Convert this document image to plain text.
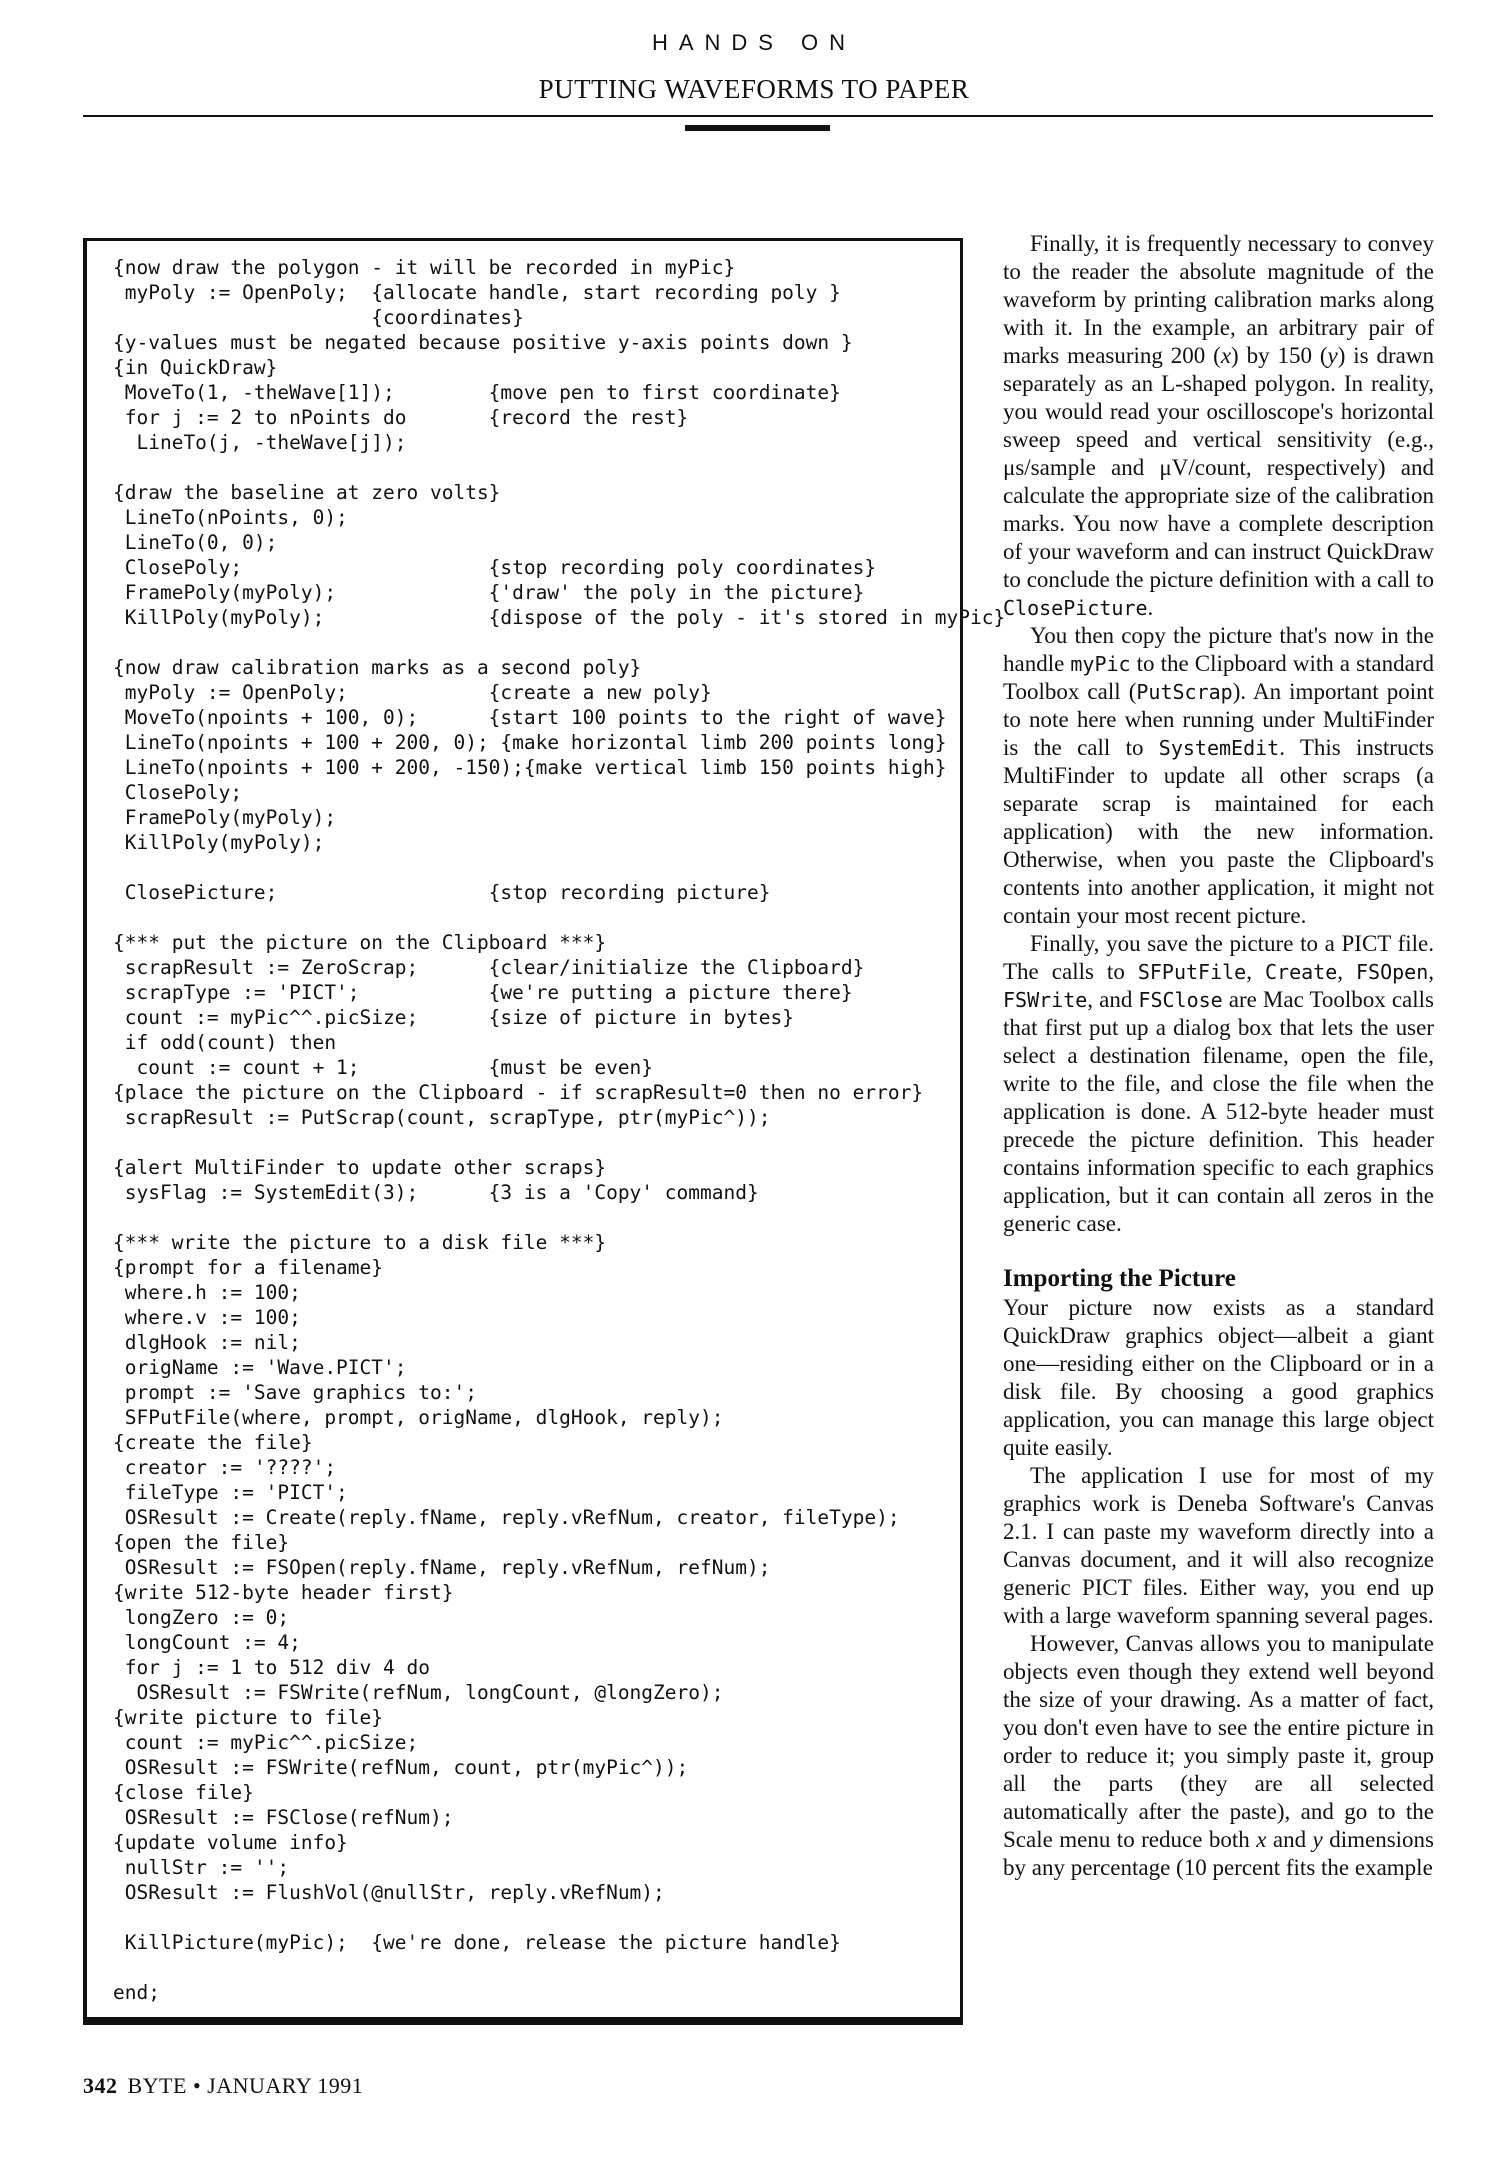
HANDS ON
PUTTING WAVEFORMS TO PAPER
{now draw the polygon - it will be recorded in myPic}
myPoly := OpenPoly;  {allocate handle, start recording poly }
{coordinates}
{y-values must be negated because positive y-axis points down }
{in QuickDraw}
MoveTo(1, -theWave[1]);        {move pen to first coordinate}
for j := 2 to nPoints do       {record the rest}
LineTo(j, -theWave[j]);

{draw the baseline at zero volts}
LineTo(nPoints, 0);
LineTo(0, 0);
ClosePoly;                     {stop recording poly coordinates}
FramePoly(myPoly);             {'draw' the poly in the picture}
KillPoly(myPoly);              {dispose of the poly - it's stored in myPic}

{now draw calibration marks as a second poly}
myPoly := OpenPoly;            {create a new poly}
MoveTo(npoints + 100, 0);      {start 100 points to the right of wave}
LineTo(npoints + 100 + 200, 0); {make horizontal limb 200 points long}
LineTo(npoints + 100 + 200, -150);{make vertical limb 150 points high}
ClosePoly;
FramePoly(myPoly);
KillPoly(myPoly);

ClosePicture;                  {stop recording picture}

{*** put the picture on the Clipboard ***}
scrapResult := ZeroScrap;      {clear/initialize the Clipboard}
scrapType := 'PICT';           {we're putting a picture there}
count := myPic^^.picSize;      {size of picture in bytes}
if odd(count) then
count := count + 1;           {must be even}
{place the picture on the Clipboard - if scrapResult=0 then no error}
scrapResult := PutScrap(count, scrapType, ptr(myPic^));

{alert MultiFinder to update other scraps}
sysFlag := SystemEdit(3);      {3 is a 'Copy' command}

{*** write the picture to a disk file ***}
{prompt for a filename}
where.h := 100;
where.v := 100;
dlgHook := nil;
origName := 'Wave.PICT';
prompt := 'Save graphics to:';
SFPutFile(where, prompt, origName, dlgHook, reply);
{create the file}
creator := '????';
fileType := 'PICT';
OSResult := Create(reply.fName, reply.vRefNum, creator, fileType);
{open the file}
OSResult := FSOpen(reply.fName, reply.vRefNum, refNum);
{write 512-byte header first}
longZero := 0;
longCount := 4;
for j := 1 to 512 div 4 do
OSResult := FSWrite(refNum, longCount, @longZero);
{write picture to file}
count := myPic^^.picSize;
OSResult := FSWrite(refNum, count, ptr(myPic^));
{close file}
OSResult := FSClose(refNum);
{update volume info}
nullStr := '';
OSResult := FlushVol(@nullStr, reply.vRefNum);

KillPicture(myPic);  {we're done, release the picture handle}

end;

Finally, it is frequently necessary to convey to the reader the absolute magnitude of the waveform by printing calibration marks along with it. In the example, an arbitrary pair of marks measuring 200 (x) by 150 (y) is drawn separately as an L-shaped polygon. In reality, you would read your oscilloscope's horizontal sweep speed and vertical sensitivity (e.g., μs/sample and μV/count, respectively) and calculate the appropriate size of the calibration marks. You now have a complete description of your waveform and can instruct QuickDraw to conclude the picture definition with a call to ClosePicture.

You then copy the picture that's now in the handle myPic to the Clipboard with a standard Toolbox call (PutScrap). An important point to note here when running under MultiFinder is the call to SystemEdit. This instructs MultiFinder to update all other scraps (a separate scrap is maintained for each application) with the new information. Otherwise, when you paste the Clipboard's contents into another application, it might not contain your most recent picture.

Finally, you save the picture to a PICT file. The calls to SFPutFile, Create, FSOpen, FSWrite, and FSClose are Mac Toolbox calls that first put up a dialog box that lets the user select a destination filename, open the file, write to the file, and close the file when the application is done. A 512-byte header must precede the picture definition. This header contains information specific to each graphics application, but it can contain all zeros in the generic case.

Importing the Picture

Your picture now exists as a standard QuickDraw graphics object—albeit a giant one—residing either on the Clipboard or in a disk file. By choosing a good graphics application, you can manage this large object quite easily.

The application I use for most of my graphics work is Deneba Software's Canvas 2.1. I can paste my waveform directly into a Canvas document, and it will also recognize generic PICT files. Either way, you end up with a large waveform spanning several pages.

However, Canvas allows you to manipulate objects even though they extend well beyond the size of your drawing. As a matter of fact, you don't even have to see the entire picture in order to reduce it; you simply paste it, group all the parts (they are all selected automatically after the paste), and go to the Scale menu to reduce both x and y dimensions by any percentage (10 percent fits the example

342 BYTE • JANUARY 1991
